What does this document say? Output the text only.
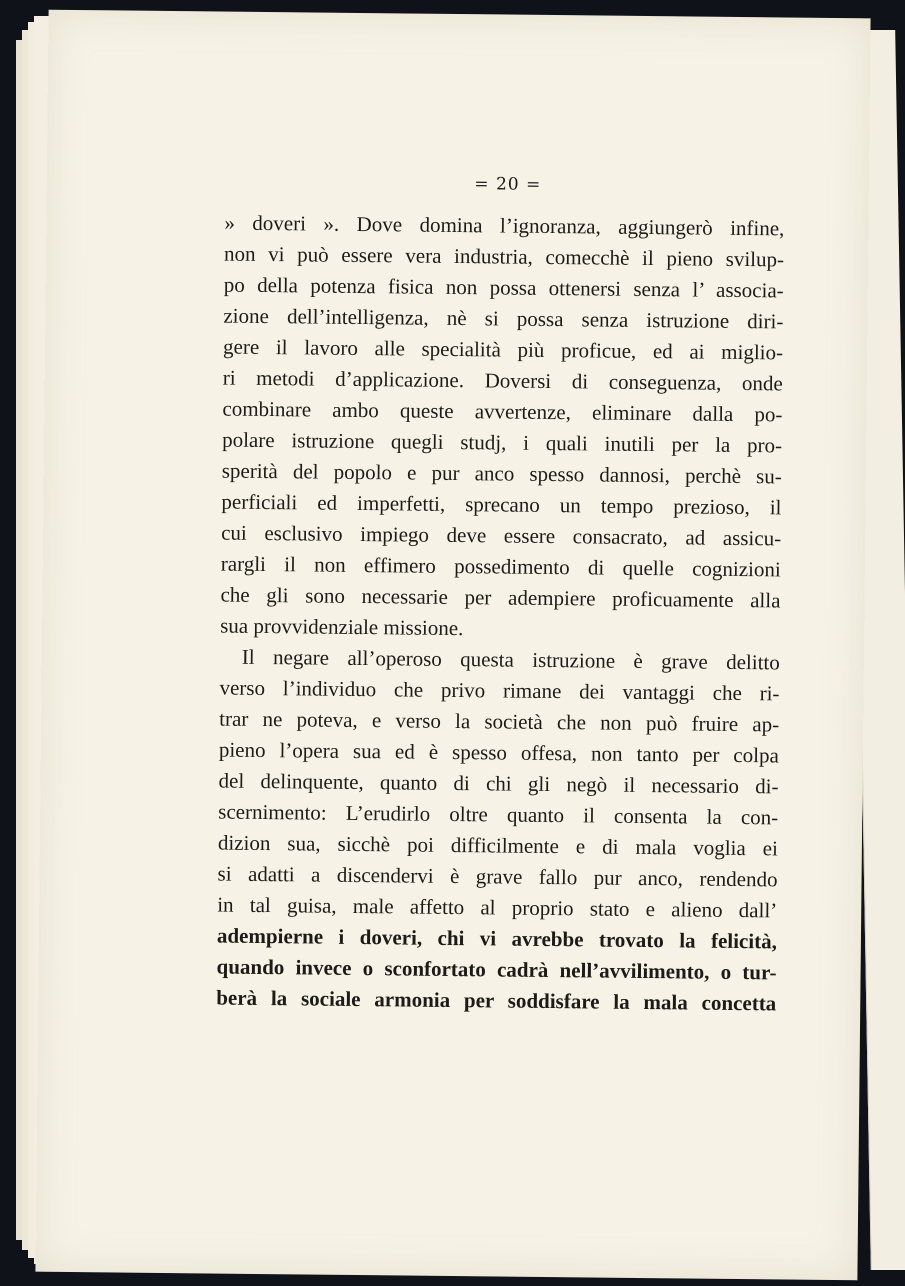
= 20 =
» doveri ». Dove domina l’ignoranza, aggiungerò infine,
non vi può essere vera industria, comecchè il pieno svilup-
po della potenza fisica non possa ottenersi senza l’ associa-
zione dell’intelligenza, nè si possa senza istruzione diri-
gere il lavoro alle specialità più proficue, ed ai miglio-
ri metodi d’applicazione. Doversi di conseguenza, onde
combinare ambo queste avvertenze, eliminare dalla po-
polare istruzione quegli studj, i quali inutili per la pro-
sperità del popolo e pur anco spesso dannosi, perchè su-
perficiali ed imperfetti, sprecano un tempo prezioso, il
cui esclusivo impiego deve essere consacrato, ad assicu-
rargli il non effimero possedimento di quelle cognizioni
che gli sono necessarie per adempiere proficuamente alla
sua provvidenziale missione.
Il negare all’operoso questa istruzione è grave delitto
verso l’individuo che privo rimane dei vantaggi che ri-
trar ne poteva, e verso la società che non può fruire ap-
pieno l’opera sua ed è spesso offesa, non tanto per colpa
del delinquente, quanto di chi gli negò il necessario di-
scernimento: L’erudirlo oltre quanto il consenta la con-
dizion sua, sicchè poi difficilmente e di mala voglia ei
si adatti a discendervi è grave fallo pur anco, rendendo
in tal guisa, male affetto al proprio stato e alieno dall’
adempierne i doveri, chi vi avrebbe trovato la felicità,
quando invece o sconfortato cadrà nell’avvilimento, o tur-
berà la sociale armonia per soddisfare la mala concetta
